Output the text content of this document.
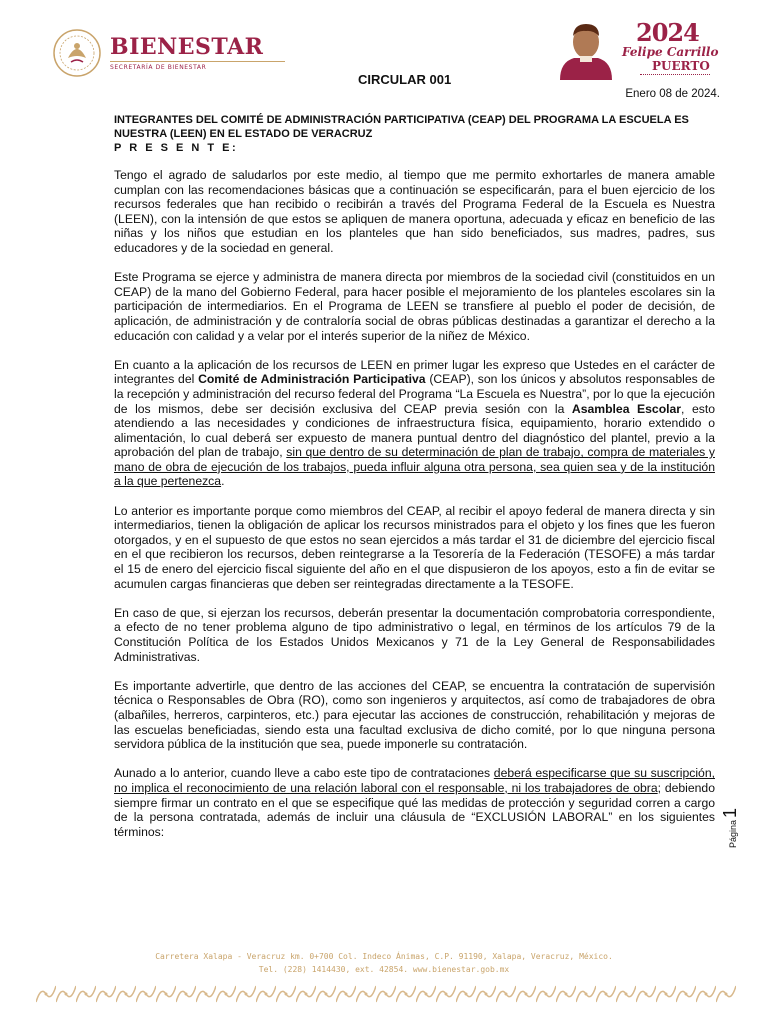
BIENESTAR
SECRETARÍA DE BIENESTAR
2024
Felipe Carrillo
PUERTO
CIRCULAR 001
Enero 08 de 2024.
INTEGRANTES DEL COMITÉ DE ADMINISTRACIÓN PARTICIPATIVA (CEAP) DEL PROGRAMA LA ESCUELA ES NUESTRA (LEEN) EN EL ESTADO DE VERACRUZ
P R E S E N T E:

Tengo el agrado de saludarlos por este medio, al tiempo que me permito exhortarles de manera amable cumplan con las recomendaciones básicas que a continuación se especificarán, para el buen ejercicio de los recursos federales que han recibido o recibirán a través del Programa Federal de la Escuela es Nuestra (LEEN), con la intensión de que estos se apliquen de manera oportuna, adecuada y eficaz en beneficio de las niñas y los niños que estudian en los planteles que han sido beneficiados, sus madres, padres, sus educadores y de la sociedad en general.

Este Programa se ejerce y administra de manera directa por miembros de la sociedad civil (constituidos en un CEAP) de la mano del Gobierno Federal, para hacer posible el mejoramiento de los planteles escolares sin la participación de intermediarios. En el Programa de LEEN se transfiere al pueblo el poder de decisión, de aplicación, de administración y de contraloría social de obras públicas destinadas a garantizar el derecho a la educación con calidad y a velar por el interés superior de la niñez de México.

En cuanto a la aplicación de los recursos de LEEN en primer lugar les expreso que Ustedes en el carácter de integrantes del Comité de Administración Participativa (CEAP), son los únicos y absolutos responsables de la recepción y administración del recurso federal del Programa “La Escuela es Nuestra”, por lo que la ejecución de los mismos, debe ser decisión exclusiva del CEAP previa sesión con la Asamblea Escolar, esto atendiendo a las necesidades y condiciones de infraestructura física, equipamiento, horario extendido o alimentación, lo cual deberá ser expuesto de manera puntual dentro del diagnóstico del plantel, previo a la aprobación del plan de trabajo, sin que dentro de su determinación de plan de trabajo, compra de materiales y mano de obra de ejecución de los trabajos, pueda influir alguna otra persona, sea quien sea y de la institución a la que pertenezca.

Lo anterior es importante porque como miembros del CEAP, al recibir el apoyo federal de manera directa y sin intermediarios, tienen la obligación de aplicar los recursos ministrados para el objeto y los fines que les fueron otorgados, y en el supuesto de que estos no sean ejercidos a más tardar el 31 de diciembre del ejercicio fiscal en el que recibieron los recursos, deben reintegrarse a la Tesorería de la Federación (TESOFE) a más tardar el 15 de enero del ejercicio fiscal siguiente del año en el que dispusieron de los apoyos, esto a fin de evitar se acumulen cargas financieras que deben ser reintegradas directamente a la TESOFE.

En caso de que, si ejerzan los recursos, deberán presentar la documentación comprobatoria correspondiente, a efecto de no tener problema alguno de tipo administrativo o legal, en términos de los artículos 79 de la Constitución Política de los Estados Unidos Mexicanos y 71 de la Ley General de Responsabilidades Administrativas.

Es importante advertirle, que dentro de las acciones del CEAP, se encuentra la contratación de supervisión técnica o Responsables de Obra (RO), como son ingenieros y arquitectos, así como de trabajadores de obra (albañiles, herreros, carpinteros, etc.) para ejecutar las acciones de construcción, rehabilitación y mejoras de las escuelas beneficiadas, siendo esta una facultad exclusiva de dicho comité, por lo que ninguna persona servidora pública de la institución que sea, puede imponerle su contratación.

Aunado a lo anterior, cuando lleve a cabo este tipo de contrataciones deberá especificarse que su suscripción, no implica el reconocimiento de una relación laboral con el responsable, ni los trabajadores de obra; debiendo siempre firmar un contrato en el que se especifique qué las medidas de protección y seguridad corren a cargo de la persona contratada, además de incluir una cláusula de “EXCLUSIÓN LABORAL” en los siguientes términos:	Página
1
Carretera Xalapa - Veracruz km. 0+700 Col. Indeco Ánimas, C.P. 91190, Xalapa, Veracruz, México.
Tel. (228) 1414430, ext. 42854. www.bienestar.gob.mx
